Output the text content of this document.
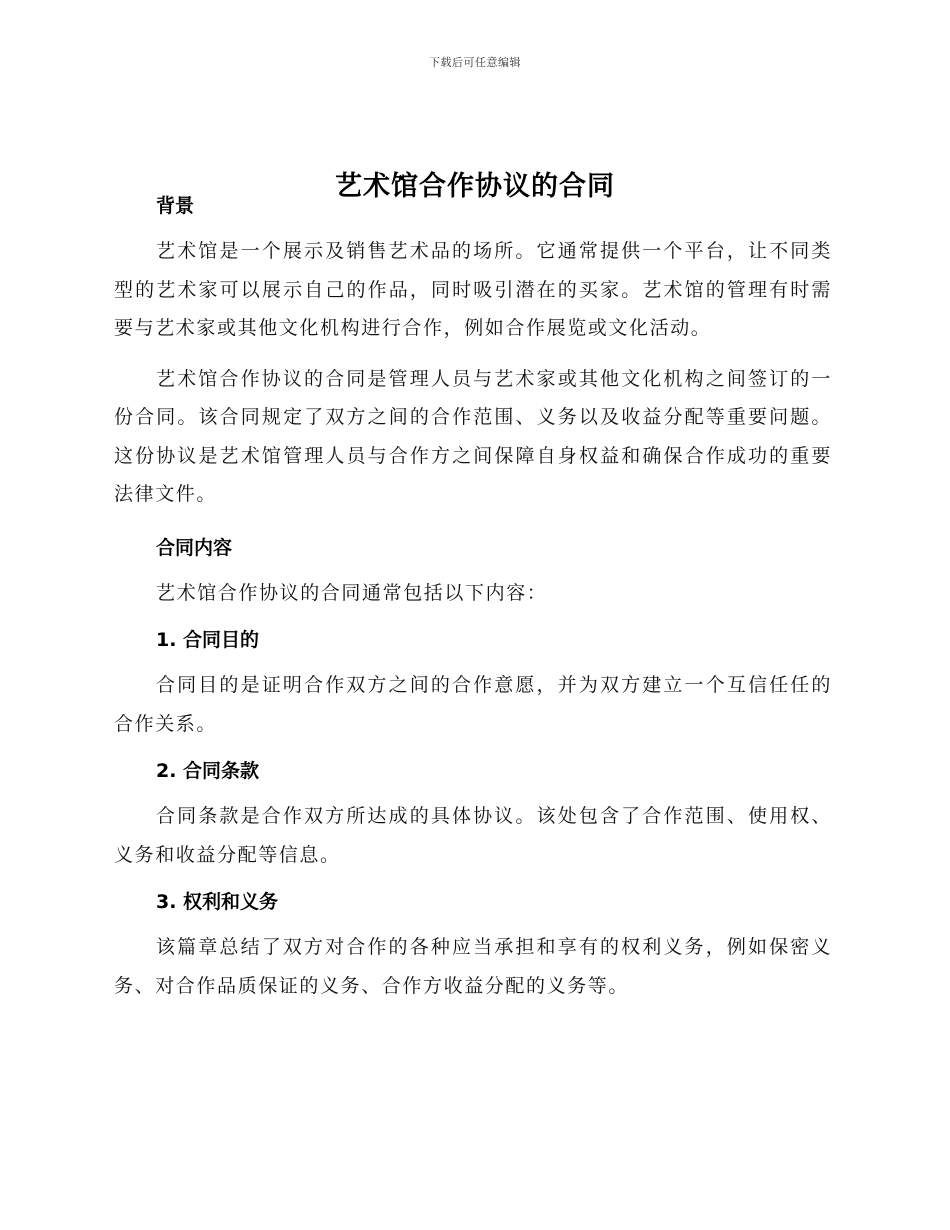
下载后可任意编辑
艺术馆合作协议的合同
背景

艺术馆是一个展示及销售艺术品的场所。它通常提供一个平台，让不同类型的艺术家可以展示自己的作品，同时吸引潜在的买家。艺术馆的管理有时需要与艺术家或其他文化机构进行合作，例如合作展览或文化活动。

艺术馆合作协议的合同是管理人员与艺术家或其他文化机构之间签订的一份合同。该合同规定了双方之间的合作范围、义务以及收益分配等重要问题。这份协议是艺术馆管理人员与合作方之间保障自身权益和确保合作成功的重要法律文件。

合同内容

艺术馆合作协议的合同通常包括以下内容：

1. 合同目的

合同目的是证明合作双方之间的合作意愿，并为双方建立一个互信任任的合作关系。

2. 合同条款

合同条款是合作双方所达成的具体协议。该处包含了合作范围、使用权、义务和收益分配等信息。

3. 权利和义务

该篇章总结了双方对合作的各种应当承担和享有的权利义务，例如保密义务、对合作品质保证的义务、合作方收益分配的义务等。
